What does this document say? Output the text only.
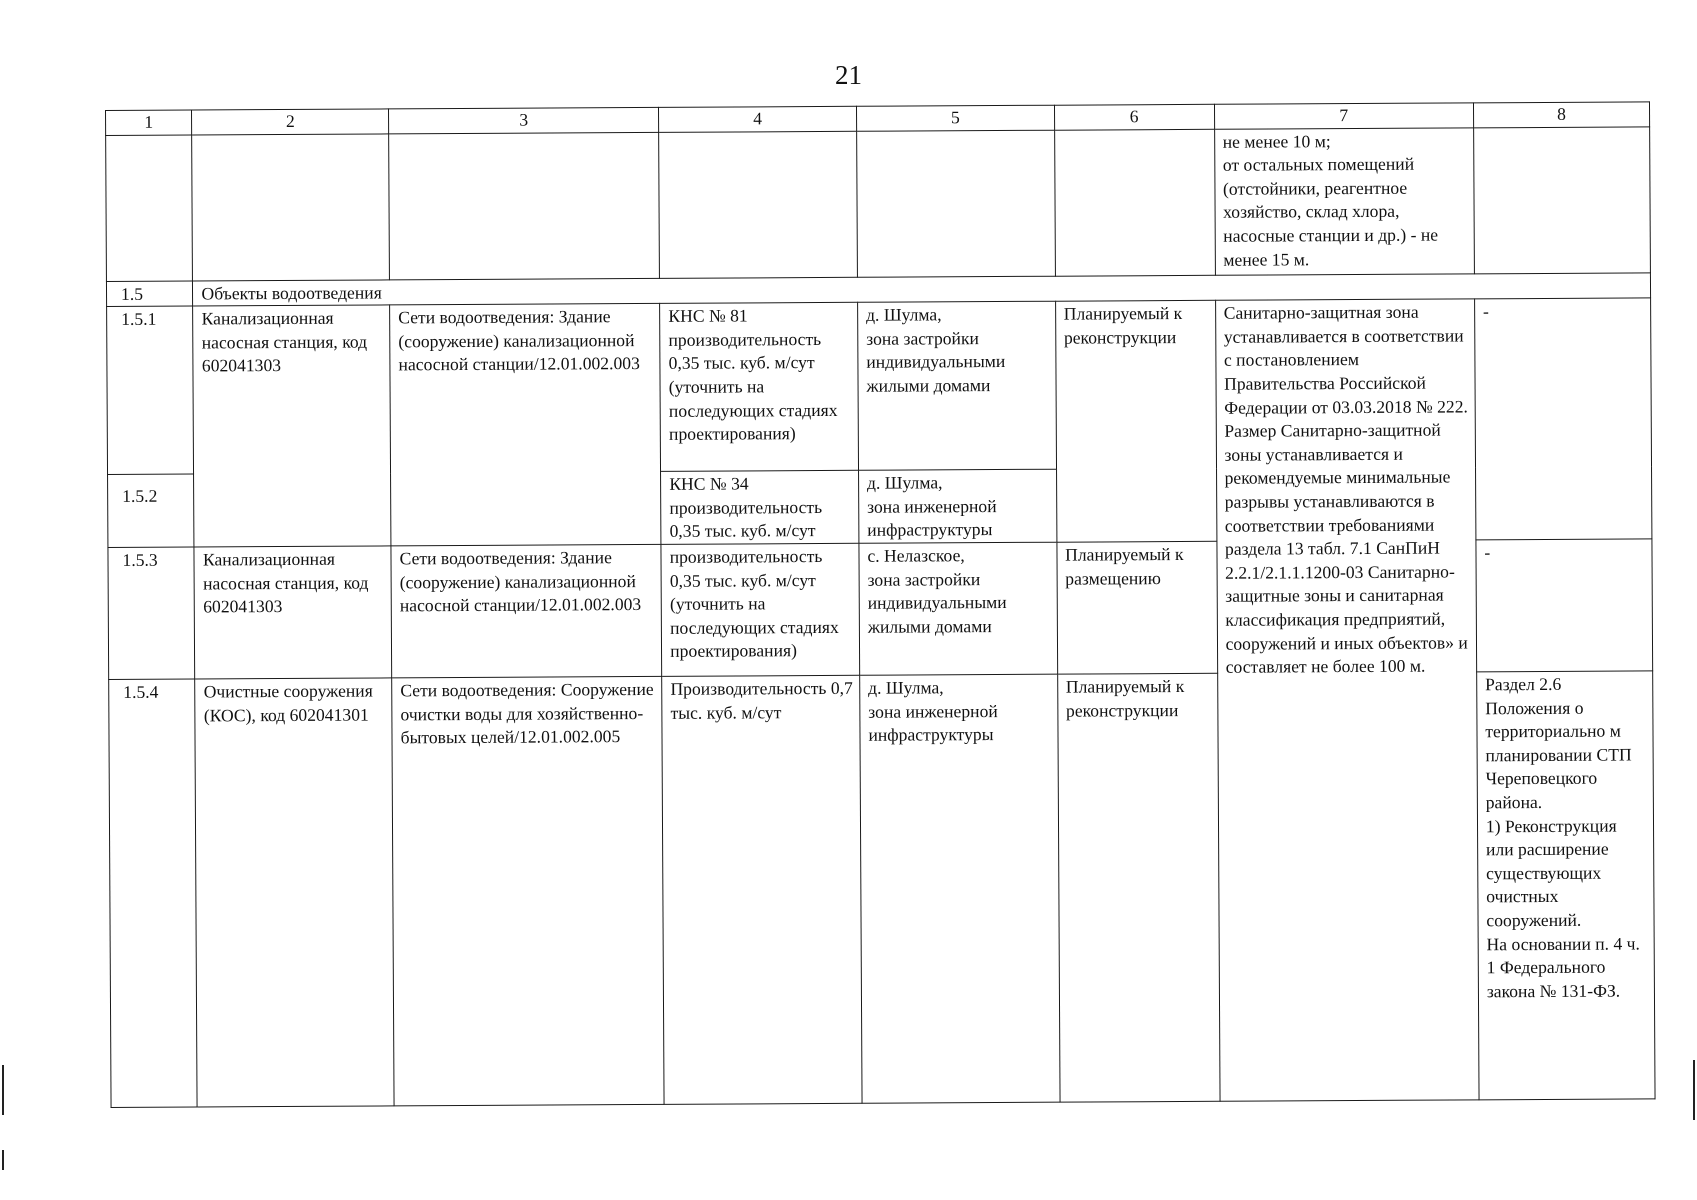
21
1	2	3	4	5	6	7	8
						не менее 10 м;
от остальных помещений (отстойники, реагентное хозяйство, склад хлора, насосные станции и др.) - не менее 15 м.	
1.5	Объекты водоотведения						
1.5.1	Канализационная насосная станция, код 602041303	Сети водоотведения: Здание (сооружение) канализационной насосной станции/12.01.002.003	КНС № 81 производительность 0,35 тыс. куб. м/сут (уточнить на последующих стадиях проектирования)	д. Шулма,
зона застройки индивидуальными жилыми домами	Планируемый к реконструкции	Санитарно-защитная зона устанавливается в соответствии с постановлением Правительства Российской Федерации от 03.03.2018 № 222.
Размер Санитарно-защитной зоны устанавливается и рекомендуемые минимальные разрывы устанавливаются в соответствии требованиями раздела 13 табл. 7.1 СанПиН 2.2.1/2.1.1.1200-03 Санитарно-защитные зоны и санитарная классификация предприятий, сооружений и иных объектов» и составляет не более 100 м.	-
1.5.2			КНС № 34 производительность 0,35 тыс. куб. м/сут	д. Шулма,
зона инженерной инфраструктуры			
1.5.3	Канализационная насосная станция, код 602041303	Сети водоотведения: Здание (сооружение) канализационной насосной станции/12.01.002.003	производительность 0,35 тыс. куб. м/сут (уточнить на последующих стадиях проектирования)	с. Нелазское,
зона застройки индивидуальными жилыми домами	Планируемый к размещению		-
1.5.4	Очистные сооружения (КОС), код 602041301	Сети водоотведения: Сооружение очистки воды для хозяйственно-бытовых целей/12.01.002.005	Производительность 0,7 тыс. куб. м/сут	д. Шулма,
зона инженерной инфраструктуры	Планируемый к реконструкции		Раздел 2.6 Положения о территориально м планировании СТП Череповецкого района.
1) Реконструкция или расширение существующих очистных сооружений.
На основании п. 4 ч. 1 Федерального закона № 131-ФЗ.
